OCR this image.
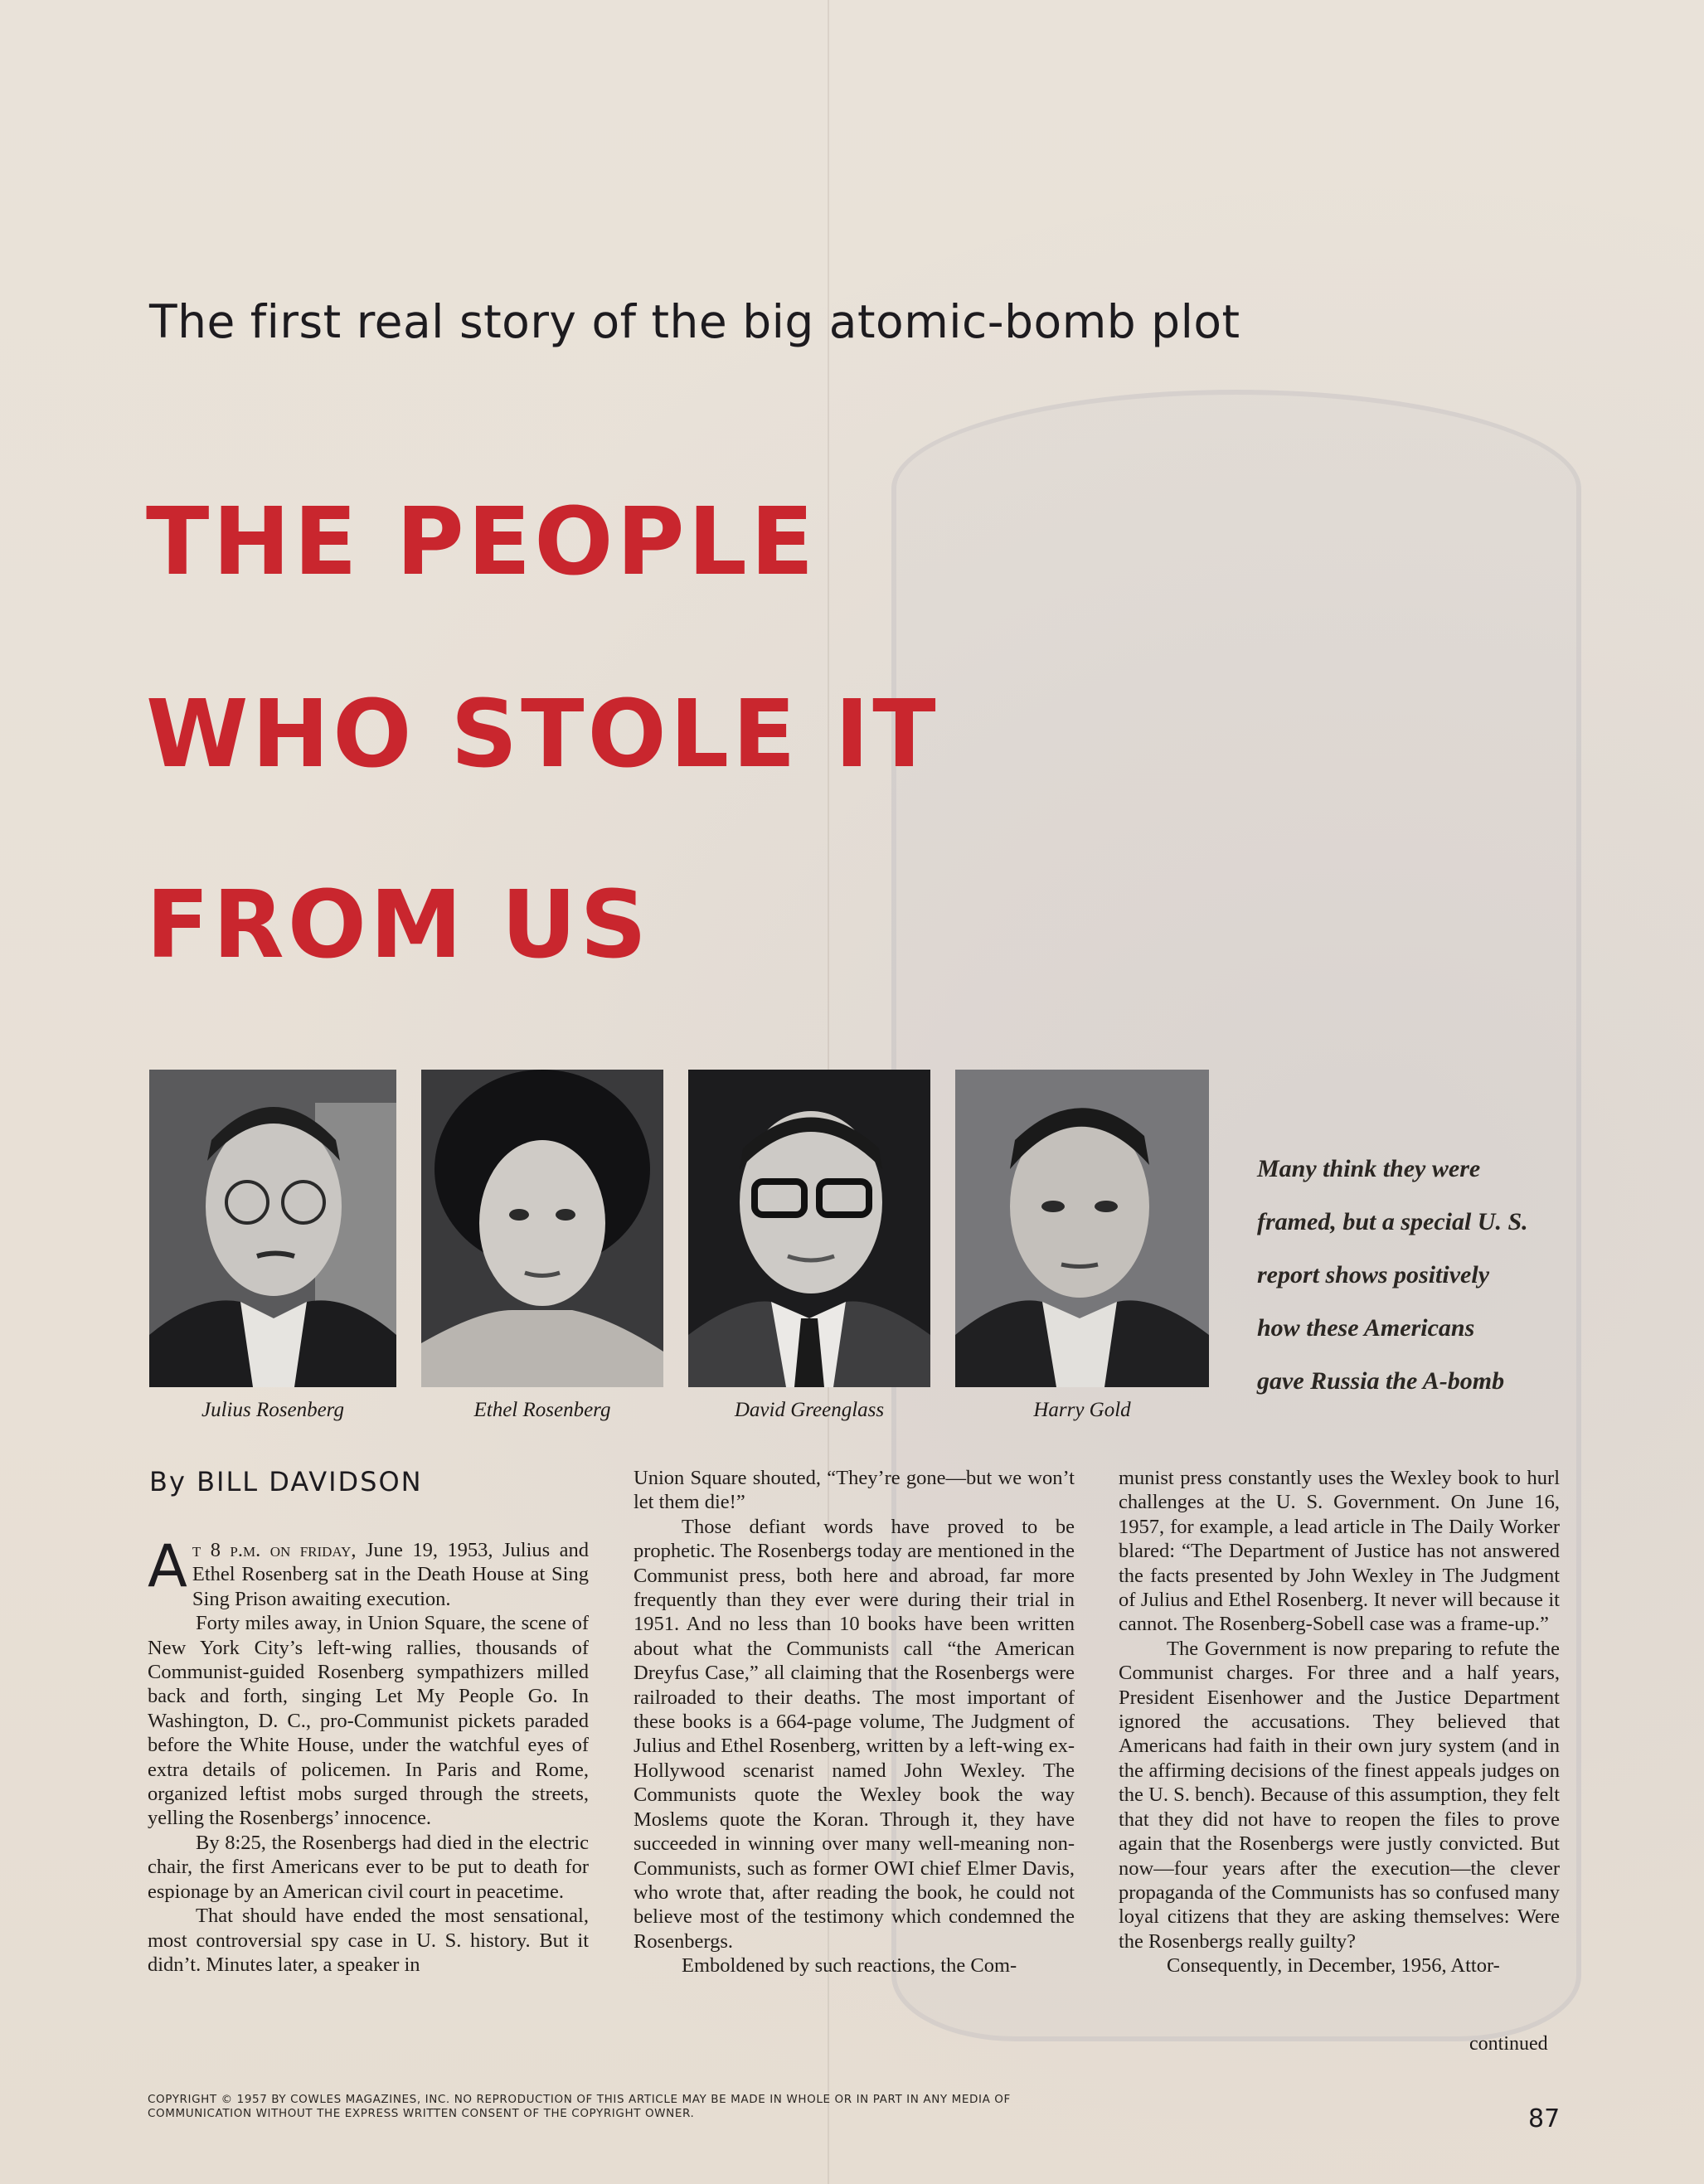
The first real story of the big atomic-bomb plot
THE PEOPLE
WHO STOLE IT
FROM US
Julius Rosenberg	Ethel Rosenberg	David Greenglass	Harry Gold

Many think they were

framed, but a special U. S.

report shows positively

how these Americans

gave Russia the A-bomb

By BILL DAVIDSON

At 8 p.m. on friday, June 19, 1953, Julius and Ethel Rosenberg sat in the Death House at Sing Sing Prison awaiting execution.

Forty miles away, in Union Square, the scene of New York City’s left-wing rallies, thousands of Communist-guided Rosenberg sympathizers milled back and forth, singing Let My People Go. In Washington, D. C., pro-Communist pickets paraded before the White House, under the watchful eyes of extra details of policemen. In Paris and Rome, organized leftist mobs surged through the streets, yelling the Rosenbergs’ innocence.

By 8:25, the Rosenbergs had died in the electric chair, the first Americans ever to be put to death for espionage by an American civil court in peacetime.

That should have ended the most sensational, most controversial spy case in U. S. history. But it didn’t. Minutes later, a speaker in

Union Square shouted, “They’re gone—but we won’t let them die!”

Those defiant words have proved to be prophetic. The Rosenbergs today are mentioned in the Communist press, both here and abroad, far more frequently than they ever were during their trial in 1951. And no less than 10 books have been written about what the Communists call “the American Dreyfus Case,” all claiming that the Rosenbergs were railroaded to their deaths. The most important of these books is a 664-page volume, The Judgment of Julius and Ethel Rosenberg, written by a left-wing ex-Hollywood scenarist named John Wexley. The Communists quote the Wexley book the way Moslems quote the Koran. Through it, they have succeeded in winning over many well-meaning non-Communists, such as former OWI chief Elmer Davis, who wrote that, after reading the book, he could not believe most of the testimony which condemned the Rosenbergs.

Emboldened by such reactions, the Com-

munist press constantly uses the Wexley book to hurl challenges at the U. S. Government. On June 16, 1957, for example, a lead article in The Daily Worker blared: “The Department of Justice has not answered the facts presented by John Wexley in The Judgment of Julius and Ethel Rosenberg. It never will because it cannot. The Rosenberg-Sobell case was a frame-up.”

The Government is now preparing to refute the Communist charges. For three and a half years, President Eisenhower and the Justice Department ignored the accusations. They believed that Americans had faith in their own jury system (and in the affirming decisions of the finest appeals judges on the U. S. bench). Because of this assumption, they felt that they did not have to reopen the files to prove again that the Rosenbergs were justly convicted. But now—four years after the execution—the clever propaganda of the Communists has so confused many loyal citizens that they are asking themselves: Were the Rosenbergs really guilty?

Consequently, in December, 1956, Attor-

continued
COPYRIGHT © 1957 BY COWLES MAGAZINES, INC. NO REPRODUCTION OF THIS ARTICLE MAY BE MADE IN WHOLE OR IN PART IN ANY MEDIA OF COMMUNICATION WITHOUT THE EXPRESS WRITTEN CONSENT OF THE COPYRIGHT OWNER.	87
